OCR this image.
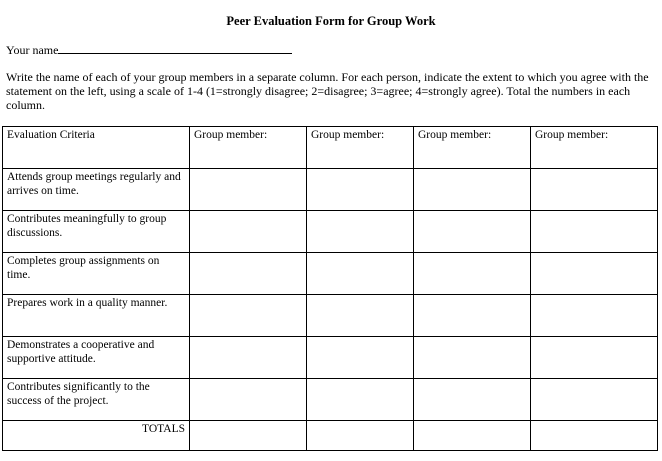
Peer Evaluation Form for Group Work
Your name
Write the name of each of your group members in a separate column. For each person, indicate the extent to which you agree with the statement on the left, using a scale of 1-4 (1=strongly disagree; 2=disagree; 3=agree; 4=strongly agree). Total the numbers in each column.
Evaluation Criteria	Group member:	Group member:	Group member:	Group member:
Attends group meetings regularly and arrives on time.				
Contributes meaningfully to group discussions.				
Completes group assignments on time.				
Prepares work in a quality manner.				
Demonstrates a cooperative and supportive attitude.				
Contributes significantly to the success of the project.				
TOTALS				
